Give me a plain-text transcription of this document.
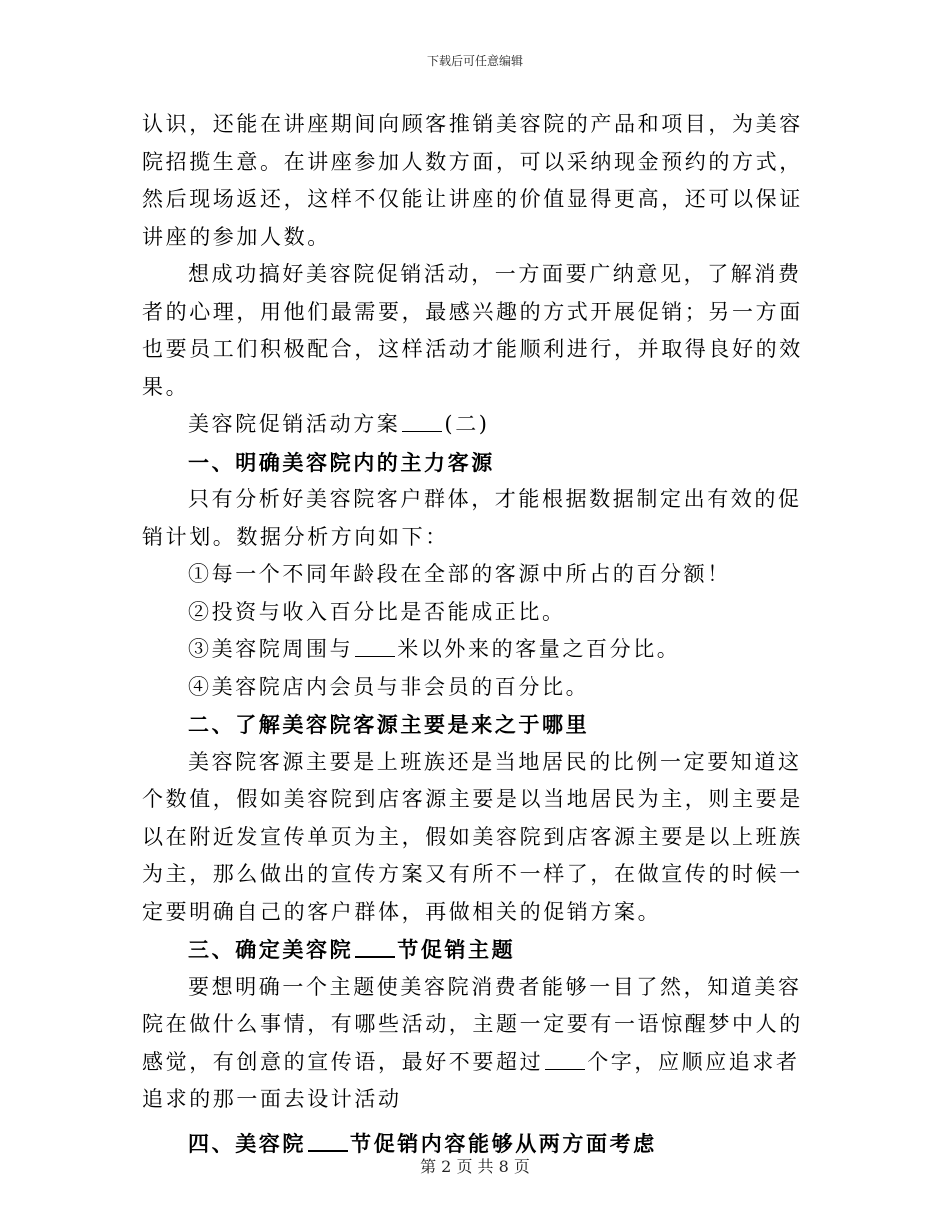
下载后可任意编辑

认识，还能在讲座期间向顾客推销美容院的产品和项目，为美容院招揽生意。在讲座参加人数方面，可以采纳现金预约的方式，然后现场返还，这样不仅能让讲座的价值显得更高，还可以保证讲座的参加人数。

想成功搞好美容院促销活动，一方面要广纳意见，了解消费者的心理，用他们最需要，最感兴趣的方式开展促销；另一方面也要员工们积极配合，这样活动才能顺利进行，并取得良好的效果。

美容院促销活动方案 (二)

一、明确美容院内的主力客源

只有分析好美容院客户群体，才能根据数据制定出有效的促销计划。数据分析方向如下：

①每一个不同年龄段在全部的客源中所占的百分额！

②投资与收入百分比是否能成正比。

③美容院周围与 米以外来的客量之百分比。

④美容院店内会员与非会员的百分比。

二、了解美容院客源主要是来之于哪里

美容院客源主要是上班族还是当地居民的比例一定要知道这个数值，假如美容院到店客源主要是以当地居民为主，则主要是以在附近发宣传单页为主，假如美容院到店客源主要是以上班族为主，那么做出的宣传方案又有所不一样了，在做宣传的时候一定要明确自己的客户群体，再做相关的促销方案。

三、确定美容院 节促销主题

要想明确一个主题使美容院消费者能够一目了然，知道美容院在做什么事情，有哪些活动，主题一定要有一语惊醒梦中人的感觉，有创意的宣传语，最好不要超过 个字，应顺应追求者追求的那一面去设计活动

四、美容院 节促销内容能够从两方面考虑

第 2 页 共 8 页
